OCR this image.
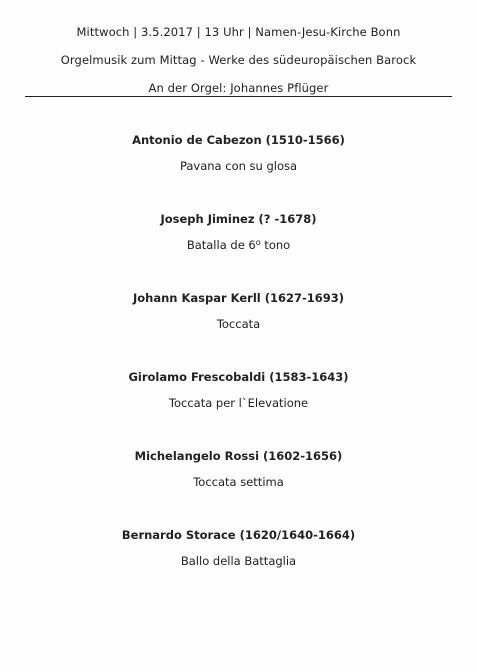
Mittwoch | 3.5.2017 | 13 Uhr | Namen-Jesu-Kirche Bonn
Orgelmusik zum Mittag - Werke des südeuropäischen Barock
An der Orgel: Johannes Pflüger
Antonio de Cabezon (1510-1566)
Pavana con su glosa
Joseph Jiminez (? -1678)
Batalla de 6$^o$ tono
Johann Kaspar Kerll (1627-1693)
Toccata
Girolamo Frescobaldi (1583-1643)
Toccata per l`Elevatione
Michelangelo Rossi (1602-1656)
Toccata settima
Bernardo Storace (1620/1640-1664)
Ballo della Battaglia
